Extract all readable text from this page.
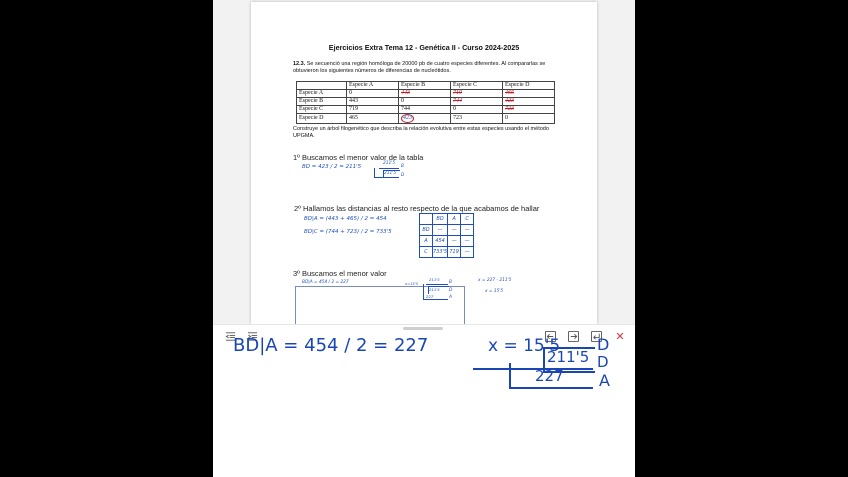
Ejercicios Extra Tema 12 - Genética II - Curso 2024-2025
12.3. Se secuenció una región homóloga de 20000 pb de cuatro especies diferentes. Al compararlas se obtuvieron los siguientes números de diferencias de nucleótidos.
	Especie A	Especie B	Especie C	Especie D
Especie A	0	443	719	465
Especie B	443	0	744	423
Especie C	719	744	0	723
Especie D	465	423	723	0
Construye un árbol filogenético que describa la relación evolutiva entre estas especies usando el método UPGMA.
1º Buscamos el menor valor de la tabla
BD = 423 / 2 = 211'5
211'5
B
211'5 D
2º Hallamos las distancias al resto respecto de la que acabamos de hallar
BD|A = (443 + 465) / 2 = 454
BD|C = (744 + 723) / 2 = 733'5
	BD	A	C
BD	—	—	—
A	454	—	—
C	733'5	719	—
3º Buscamos el menor valor
BD|A = 454 / 2 = 227	x=15'5
211'5
B
211'5 D
227	A
x = 227 - 211'5
x = 15'5
✕
BD|A = 454 / 2 = 227	x = 15'5 D
211'5 D
227 A
